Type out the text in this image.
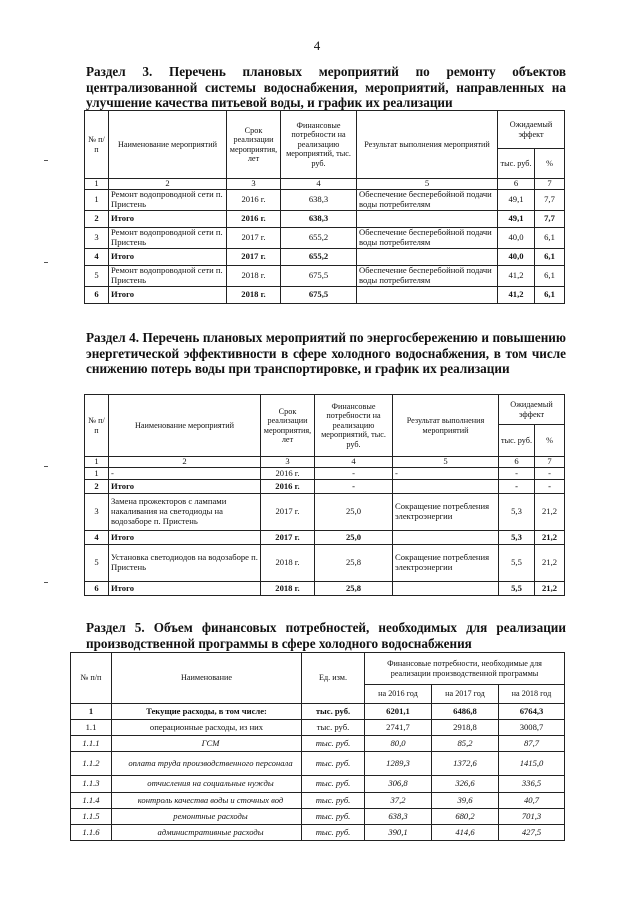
4
Раздел 3. Перечень плановых мероприятий по ремонту объектов централизованной системы водоснабжения, мероприятий, направленных на улучшение качества питьевой воды, и график их реализации
№ п/п	Наименование мероприятий	Срок реализации мероприятия, лет	Финансовые потребности на реализацию мероприятий, тыс. руб.	Результат выполнения мероприятий	Ожидаемый эффект	
					тыс. руб.	%
1	2	3	4	5	6	7
1	Ремонт водопроводной сети п. Пристень	2016 г.	638,3	Обеспечение бесперебойной подачи воды потребителям	49,1	7,7
2	Итого	2016 г.	638,3		49,1	7,7
3	Ремонт водопроводной сети п. Пристень	2017 г.	655,2	Обеспечение бесперебойной подачи воды потребителям	40,0	6,1
4	Итого	2017 г.	655,2		40,0	6,1
5	Ремонт водопроводной сети п. Пристень	2018 г.	675,5	Обеспечение бесперебойной подачи воды потребителям	41,2	6,1
6	Итого	2018 г.	675,5		41,2	6,1
Раздел 4. Перечень плановых мероприятий по энергосбережению и повышению энергетической эффективности в сфере холодного водоснабжения, в том числе снижению потерь воды при транспортировке, и график их реализации
№ п/п	Наименование мероприятий	Срок реализации мероприятия, лет	Финансовые потребности на реализацию мероприятий, тыс. руб.	Результат выполнения мероприятий	Ожидаемый эффект	
					тыс. руб.	%
1	2	3	4	5	6	7
1	-	2016 г.	-	-	-	-
2	Итого	2016 г.	-		-	-
3	Замена прожекторов с лампами накаливания на светодиоды на водозаборе п. Пристень	2017 г.	25,0	Сокращение потребления электроэнергии	5,3	21,2
4	Итого	2017 г.	25,0		5,3	21,2
5	Установка светодиодов на водозаборе п. Пристень	2018 г.	25,8	Сокращение потребления электроэнергии	5,5	21,2
6	Итого	2018 г.	25,8		5,5	21,2
Раздел 5. Объем финансовых потребностей, необходимых для реализации производственной программы в сфере холодного водоснабжения
№ п/п	Наименование	Ед. изм.	Финансовые потребности, необходимые для реализации производственной программы		
			на 2016 год	на 2017 год	на 2018 год
1	Текущие расходы, в том числе:	тыс. руб.	6201,1	6486,8	6764,3
1.1	операционные расходы, из них	тыс. руб.	2741,7	2918,8	3008,7
1.1.1	ГСМ	тыс. руб.	80,0	85,2	87,7
1.1.2	оплата труда производственного персонала	тыс. руб.	1289,3	1372,6	1415,0
1.1.3	отчисления на социальные нужды	тыс. руб.	306,8	326,6	336,5
1.1.4	контроль качества воды и сточных вод	тыс. руб.	37,2	39,6	40,7
1.1.5	ремонтные расходы	тыс. руб.	638,3	680,2	701,3
1.1.6	административные расходы	тыс. руб.	390,1	414,6	427,5
